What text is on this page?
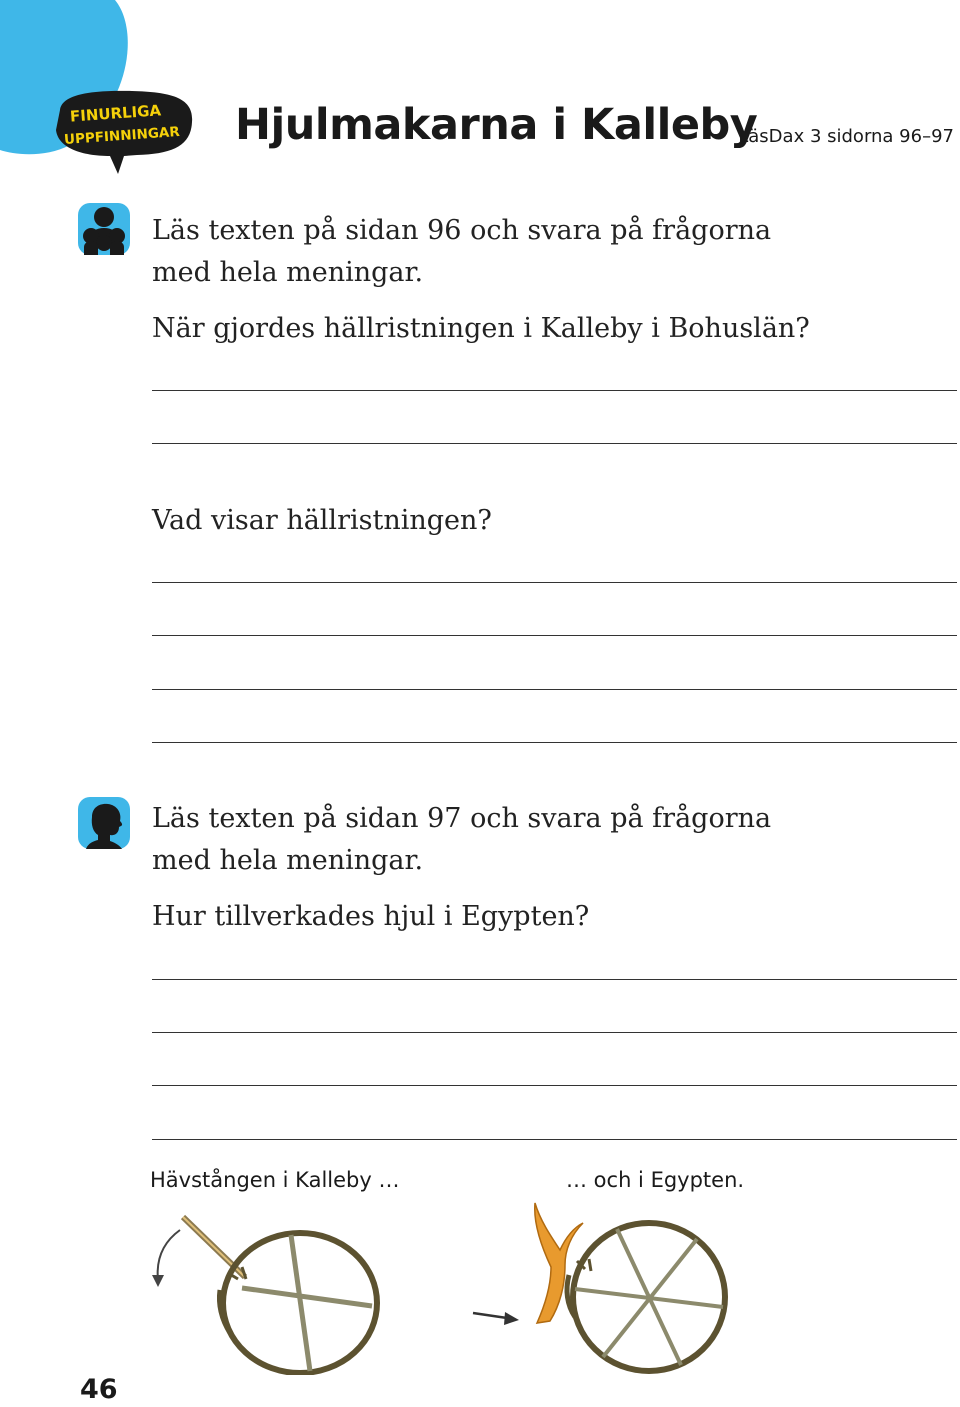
FINURLIGA
UPPFINNINGAR Hjulmakarna i Kalleby
LäsDax 3 sidorna 96–97
Läs texten på sidan 96 och svara på frågorna
med hela meningar.
När gjordes hällristningen i Kalleby i Bohuslän?
Vad visar hällristningen?
Läs texten på sidan 97 och svara på frågorna
med hela meningar.
Hur tillverkades hjul i Egypten?
Hävstången i Kalleby …	… och i Egypten.
46
